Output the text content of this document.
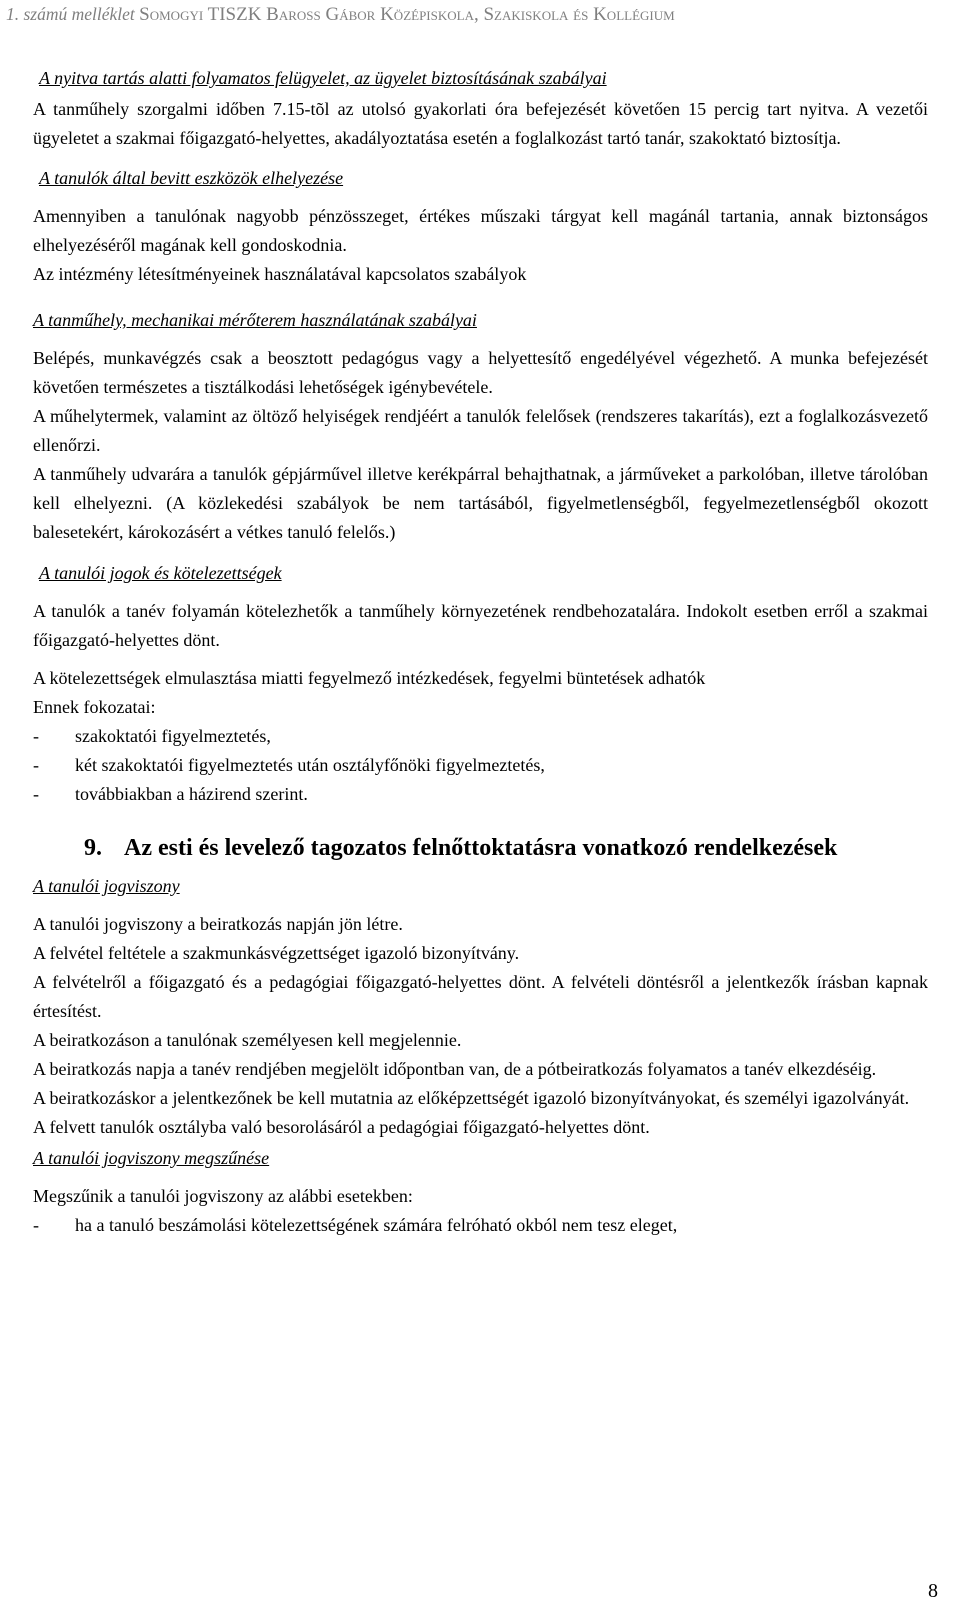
1. számú melléklet Somogyi TISZK Baross Gábor Középiskola, Szakiskola és Kollégium

A nyitva tartás alatti folyamatos felügyelet, az ügyelet biztosításának szabályai

A tanműhely szorgalmi időben 7.15-tõl az utolsó gyakorlati óra befejezését követően 15 percig tart nyitva. A vezetői ügyeletet a szakmai főigazgató-helyettes, akadályoztatása esetén a foglalkozást tartó tanár, szakoktató biztosítja.

A tanulók által bevitt eszközök elhelyezése

Amennyiben a tanulónak nagyobb pénzösszeget, értékes műszaki tárgyat kell magánál tartania, annak biztonságos elhelyezéséről magának kell gondoskodnia.

Az intézmény létesítményeinek használatával kapcsolatos szabályok

A tanműhely, mechanikai mérőterem használatának szabályai

Belépés, munkavégzés csak a beosztott pedagógus vagy a helyettesítő engedélyével végezhető. A munka befejezését követően természetes a tisztálkodási lehetőségek igénybevétele.

A műhelytermek, valamint az öltöző helyiségek rendjéért a tanulók felelősek (rendszeres takarítás), ezt a foglalkozásvezető ellenőrzi.

A tanműhely udvarára a tanulók gépjárművel illetve kerékpárral behajthatnak, a járműveket a parkolóban, illetve tárolóban kell elhelyezni. (A közlekedési szabályok be nem tartásából, figyelmetlenségből, fegyelmezetlenségből okozott balesetekért, károkozásért a vétkes tanuló felelős.)

A tanulói jogok és kötelezettségek

A tanulók a tanév folyamán kötelezhetők a tanműhely környezetének rendbehozatalára. Indokolt esetben erről a szakmai főigazgató-helyettes dönt.

A kötelezettségek elmulasztása miatti fegyelmező intézkedések, fegyelmi büntetések adhatók

Ennek fokozatai:

-	szakoktatói figyelmeztetés,
-	két szakoktatói figyelmeztetés után osztályfőnöki figyelmeztetés,
-	továbbiakban a házirend szerint.
9. Az esti és levelező tagozatos felnőttoktatásra vonatkozó rendelkezések

A tanulói jogviszony

A tanulói jogviszony a beiratkozás napján jön létre.

A felvétel feltétele a szakmunkásvégzettséget igazoló bizonyítvány.

A felvételről a főigazgató és a pedagógiai főigazgató-helyettes dönt. A felvételi döntésről a jelentkezők írásban kapnak értesítést.

A beiratkozáson a tanulónak személyesen kell megjelennie.

A beiratkozás napja a tanév rendjében megjelölt időpontban van, de a pótbeiratkozás folyamatos a tanév elkezdéséig.

A beiratkozáskor a jelentkezőnek be kell mutatnia az előképzettségét igazoló bizonyítványokat, és személyi igazolványát.

A felvett tanulók osztályba való besorolásáról a pedagógiai főigazgató-helyettes dönt.

A tanulói jogviszony megszűnése

Megszűnik a tanulói jogviszony az alábbi esetekben:

-	ha a tanuló beszámolási kötelezettségének számára felróható okból nem tesz eleget,
8
